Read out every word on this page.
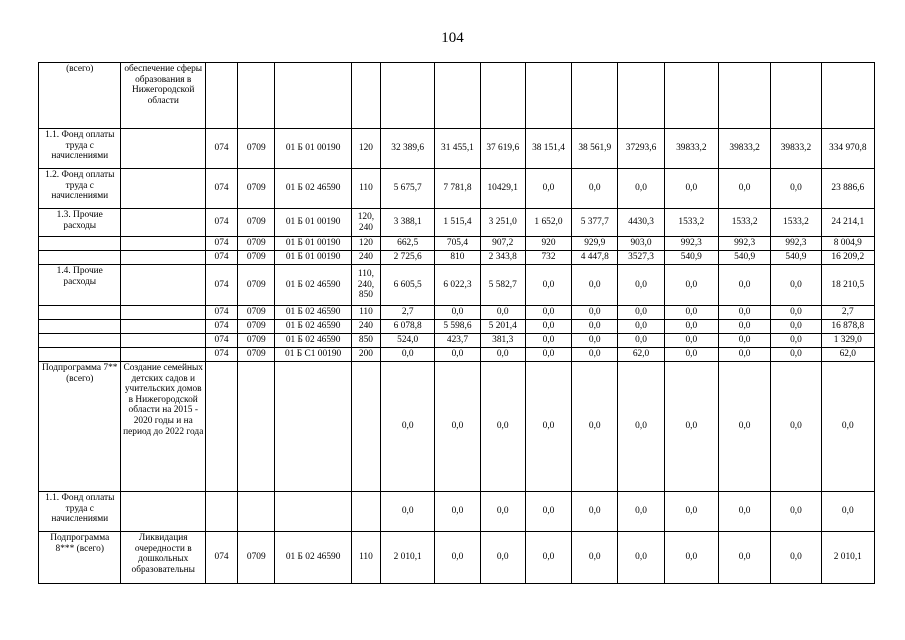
104
(всего)	обеспечение сферы образования в Нижегородской области														
1.1. Фонд оплаты труда с начислениями		074	0709	01 Б 01 00190	120	32 389,6	31 455,1	37 619,6	38 151,4	38 561,9	37293,6	39833,2	39833,2	39833,2	334 970,8
1.2. Фонд оплаты труда с начислениями		074	0709	01 Б 02 46590	110	5 675,7	7 781,8	10429,1	0,0	0,0	0,0	0,0	0,0	0,0	23 886,6
1.3. Прочие расходы		074	0709	01 Б 01 00190	120, 240	3 388,1	1 515,4	3 251,0	1 652,0	5 377,7	4430,3	1533,2	1533,2	1533,2	24 214,1
		074	0709	01 Б 01 00190	120	662,5	705,4	907,2	920	929,9	903,0	992,3	992,3	992,3	8 004,9
		074	0709	01 Б 01 00190	240	2 725,6	810	2 343,8	732	4 447,8	3527,3	540,9	540,9	540,9	16 209,2
1.4. Прочие расходы		074	0709	01 Б 02 46590	110, 240, 850	6 605,5	6 022,3	5 582,7	0,0	0,0	0,0	0,0	0,0	0,0	18 210,5
		074	0709	01 Б 02 46590	110	2,7	0,0	0,0	0,0	0,0	0,0	0,0	0,0	0,0	2,7
		074	0709	01 Б 02 46590	240	6 078,8	5 598,6	5 201,4	0,0	0,0	0,0	0,0	0,0	0,0	16 878,8
		074	0709	01 Б 02 46590	850	524,0	423,7	381,3	0,0	0,0	0,0	0,0	0,0	0,0	1 329,0
		074	0709	01 Б С1 00190	200	0,0	0,0	0,0	0,0	0,0	62,0	0,0	0,0	0,0	62,0
Подпрограмма 7**(всего)	Создание семейных детских садов и учительских домов в Нижегородской области на 2015 - 2020 годы и на период до 2022 года					0,0	0,0	0,0	0,0	0,0	0,0	0,0	0,0	0,0	0,0
1.1. Фонд оплаты труда с начислениями						0,0	0,0	0,0	0,0	0,0	0,0	0,0	0,0	0,0	0,0
Подпрограмма 8*** (всего)	Ликвидация очередности в дошкольных образовательны	074	0709	01 Б 02 46590	110	2 010,1	0,0	0,0	0,0	0,0	0,0	0,0	0,0	0,0	2 010,1
